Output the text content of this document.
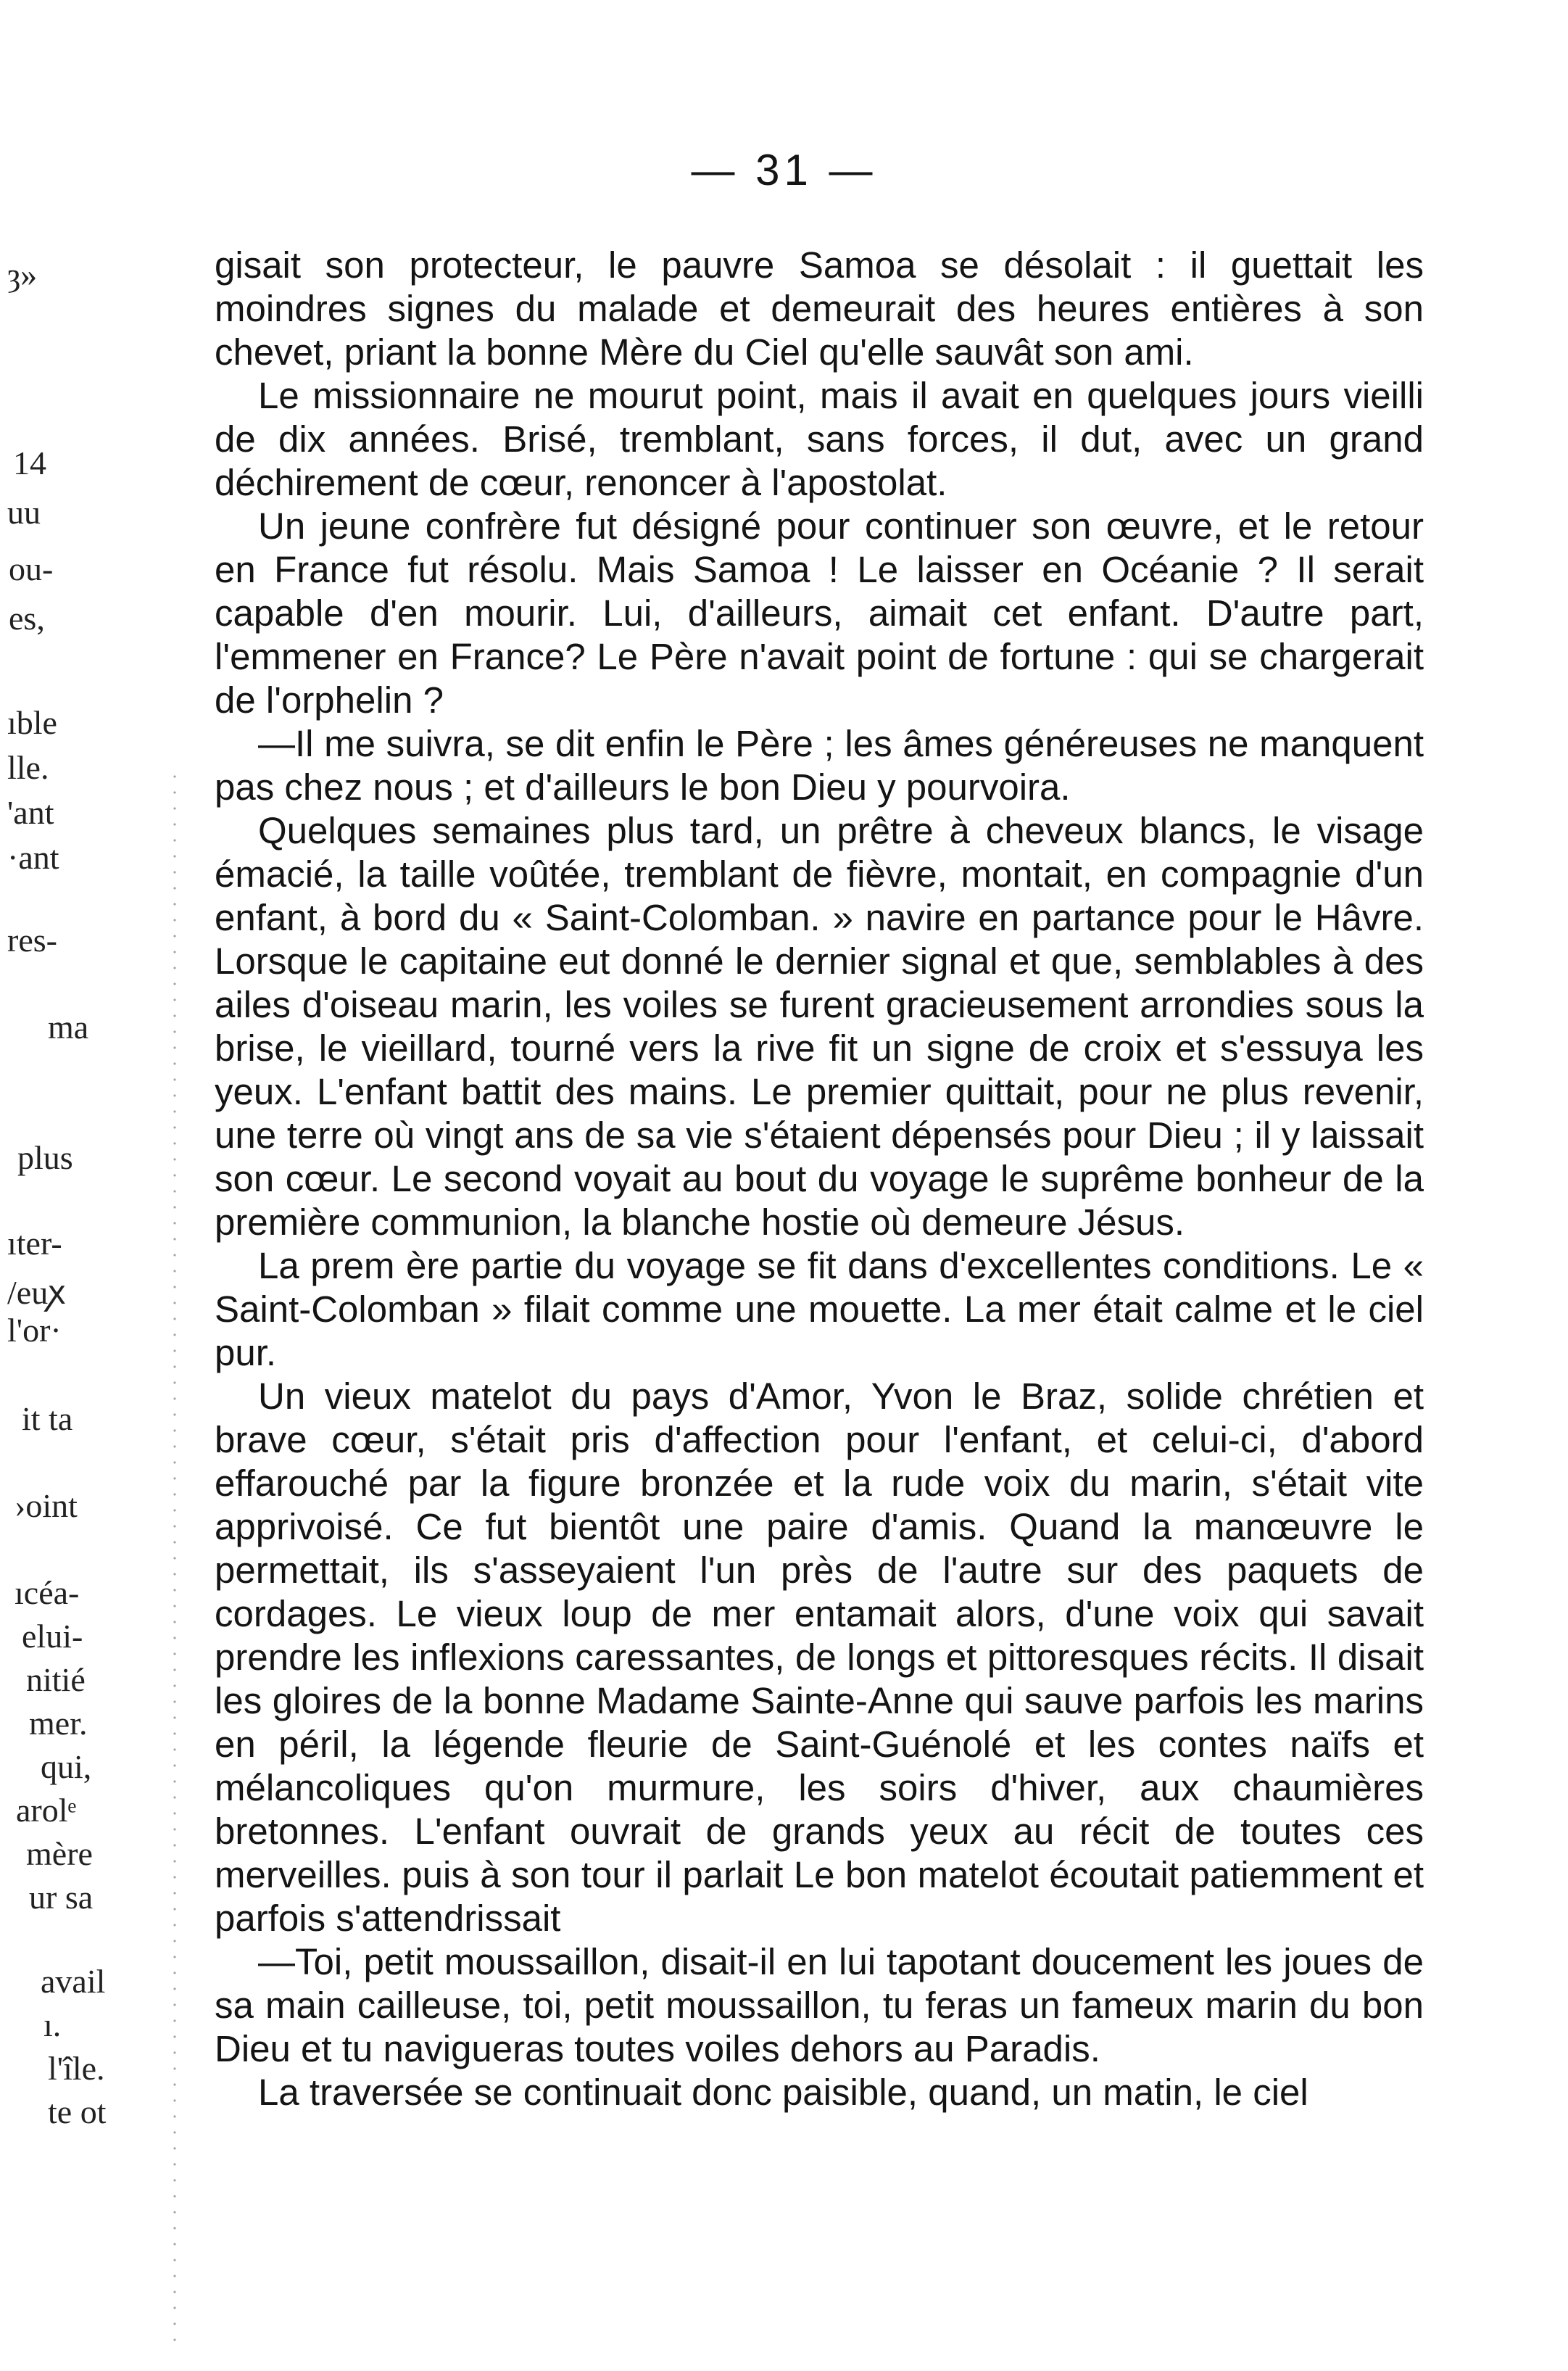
— 31 —
ȝ»
14
uu
ou-
es,
ıble
lle.
'ant
·ant
res-
ma
plus
ıter-
/euꭗ
l'or·
it ta
›oint
ıcéa-
elui-
nitié
mer.
qui,
arolᵉ
mère
ur sa
avail
ı.
l'île.
te ot

gisait son protecteur, le pauvre Samoa se désolait : il guettait les moindres signes du malade et demeurait des heures entières à son chevet, priant la bonne Mère du Ciel qu'elle sauvât son ami.

Le missionnaire ne mourut point, mais il avait en quelques jours vieilli de dix années. Brisé, tremblant, sans forces, il dut, avec un grand déchirement de cœur, renoncer à l'apostolat.

Un jeune confrère fut désigné pour continuer son œuvre, et le retour en France fut résolu. Mais Samoa ! Le laisser en Océanie ? Il serait capable d'en mourir. Lui, d'ailleurs, aimait cet enfant. D'autre part, l'emmener en France? Le Père n'avait point de fortune : qui se chargerait de l'orphelin ?

—Il me suivra, se dit enfin le Père ; les âmes généreuses ne manquent pas chez nous ; et d'ailleurs le bon Dieu y pourvoira.

Quelques semaines plus tard, un prêtre à cheveux blancs, le visage émacié, la taille voûtée, tremblant de fièvre, montait, en compagnie d'un enfant, à bord du « Saint-Colomban. » navire en partance pour le Hâvre. Lorsque le capitaine eut donné le dernier signal et que, semblables à des ailes d'oiseau marin, les voiles se furent gracieusement arrondies sous la brise, le vieillard, tourné vers la rive fit un signe de croix et s'essuya les yeux. L'enfant battit des mains. Le premier quittait, pour ne plus revenir, une terre où vingt ans de sa vie s'étaient dépensés pour Dieu ; il y laissait son cœur. Le second voyait au bout du voyage le suprême bonheur de la première communion, la blanche hostie où demeure Jésus.

La prem ère partie du voyage se fit dans d'excellentes conditions. Le « Saint-Colomban » filait comme une mouette. La mer était calme et le ciel pur.

Un vieux matelot du pays d'Amor, Yvon le Braz, solide chrétien et brave cœur, s'était pris d'affection pour l'enfant, et celui-ci, d'abord effarouché par la figure bronzée et la rude voix du marin, s'était vite apprivoisé. Ce fut bientôt une paire d'amis. Quand la manœuvre le permettait, ils s'asseyaient l'un près de l'autre sur des paquets de cordages. Le vieux loup de mer entamait alors, d'une voix qui savait prendre les inflexions caressantes, de longs et pittoresques récits. Il disait les gloires de la bonne Madame Sainte-Anne qui sauve parfois les marins en péril, la légende fleurie de Saint-Guénolé et les contes naïfs et mélancoliques qu'on murmure, les soirs d'hiver, aux chaumières bretonnes. L'enfant ouvrait de grands yeux au récit de toutes ces merveilles. puis à son tour il parlait Le bon matelot écoutait patiemment et parfois s'attendrissait

—Toi, petit moussaillon, disait-il en lui tapotant doucement les joues de sa main cailleuse, toi, petit moussaillon, tu feras un fameux marin du bon Dieu et tu navigueras toutes voiles dehors au Paradis.

La traversée se continuait donc paisible, quand, un matin, le ciel
